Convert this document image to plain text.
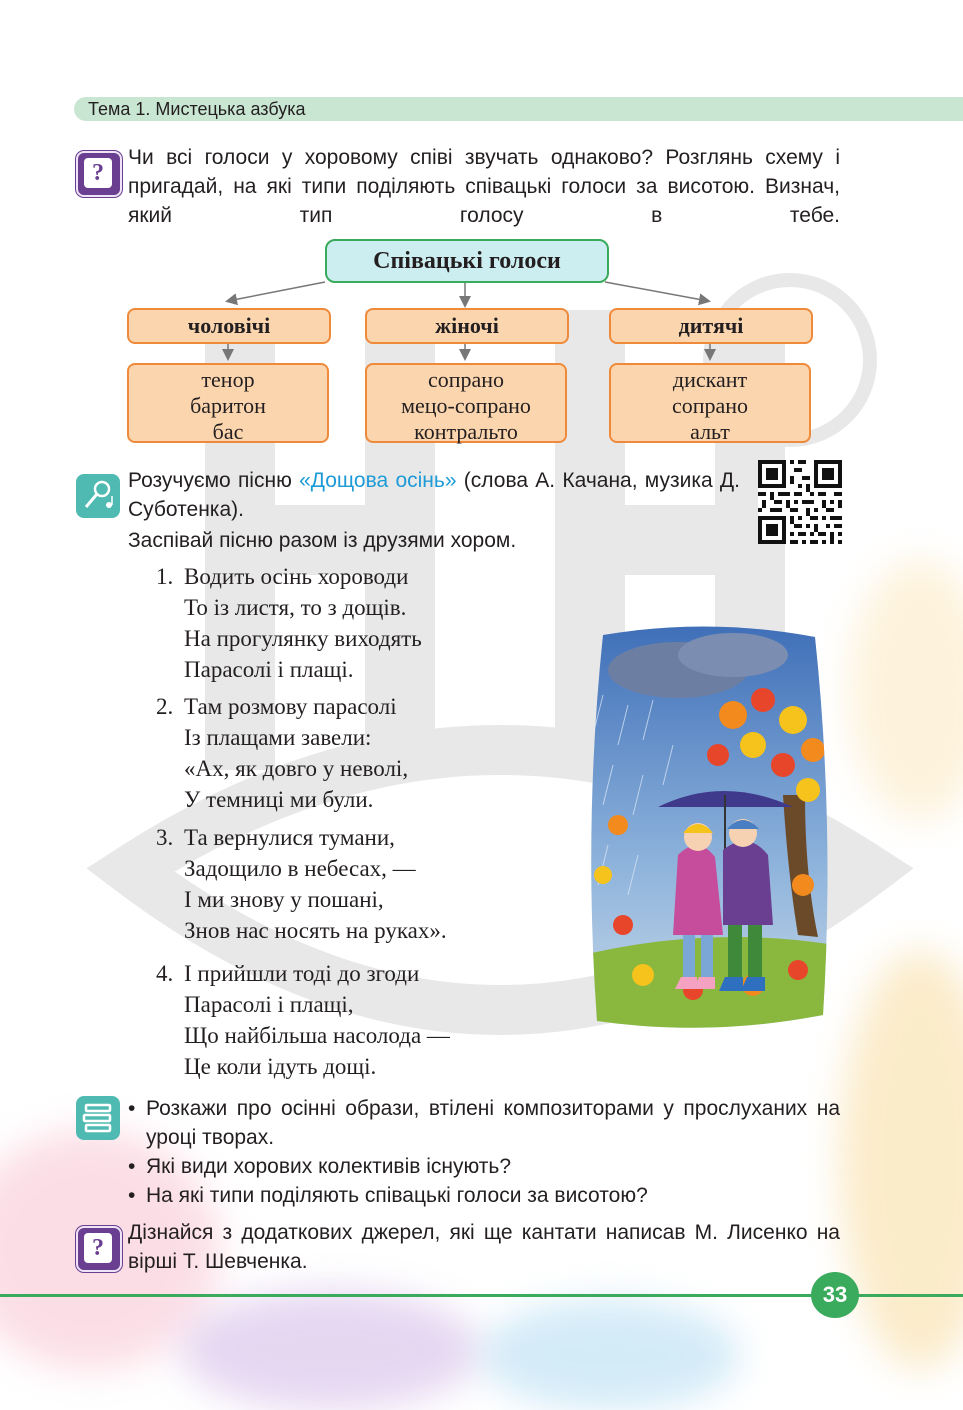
Тема 1. Мистецька азбука
?
Чи всі голоси у хоровому співі звучать однаково? Розглянь схему і пригадай, на які типи поділяють співацькі голоси за висотою. Визнач, який тип голосу в тебе.
Співацькі голоси
чоловічі	жіночі	дитячі
тенор
баритон
бас
сопрано
мецо-сопрано
контральто
дискант
сопрано
альт
Розучуємо пісню «Дощова осінь» (слова А. Качана, музика Д. Суботенка).
Заспівай пісню разом із друзями хором.
1. Водить осінь хороводи
То із листя, то з дощів.
На прогулянку виходять
Парасолі і плащі.
2. Там розмову парасолі
Із плащами завели:
«Ах, як довго у неволі,
У темниці ми були.
3. Та вернулися тумани,
Задощило в небесах, —
І ми знову у пошані,
Знов нас носять на руках».
4. І прийшли тоді до згоди
Парасолі і плащі,
Що найбільша насолода —
Це коли ідуть дощі.
• Розкажи про осінні образи, втілені композиторами у прослуханих на уроці творах.
• Які види хорових колективів існують?
• На які типи поділяють співацькі голоси за висотою?
?
Дізнайся з додаткових джерел, які ще кантати написав М. Лисенко на вірші Т. Шевченка.
33
